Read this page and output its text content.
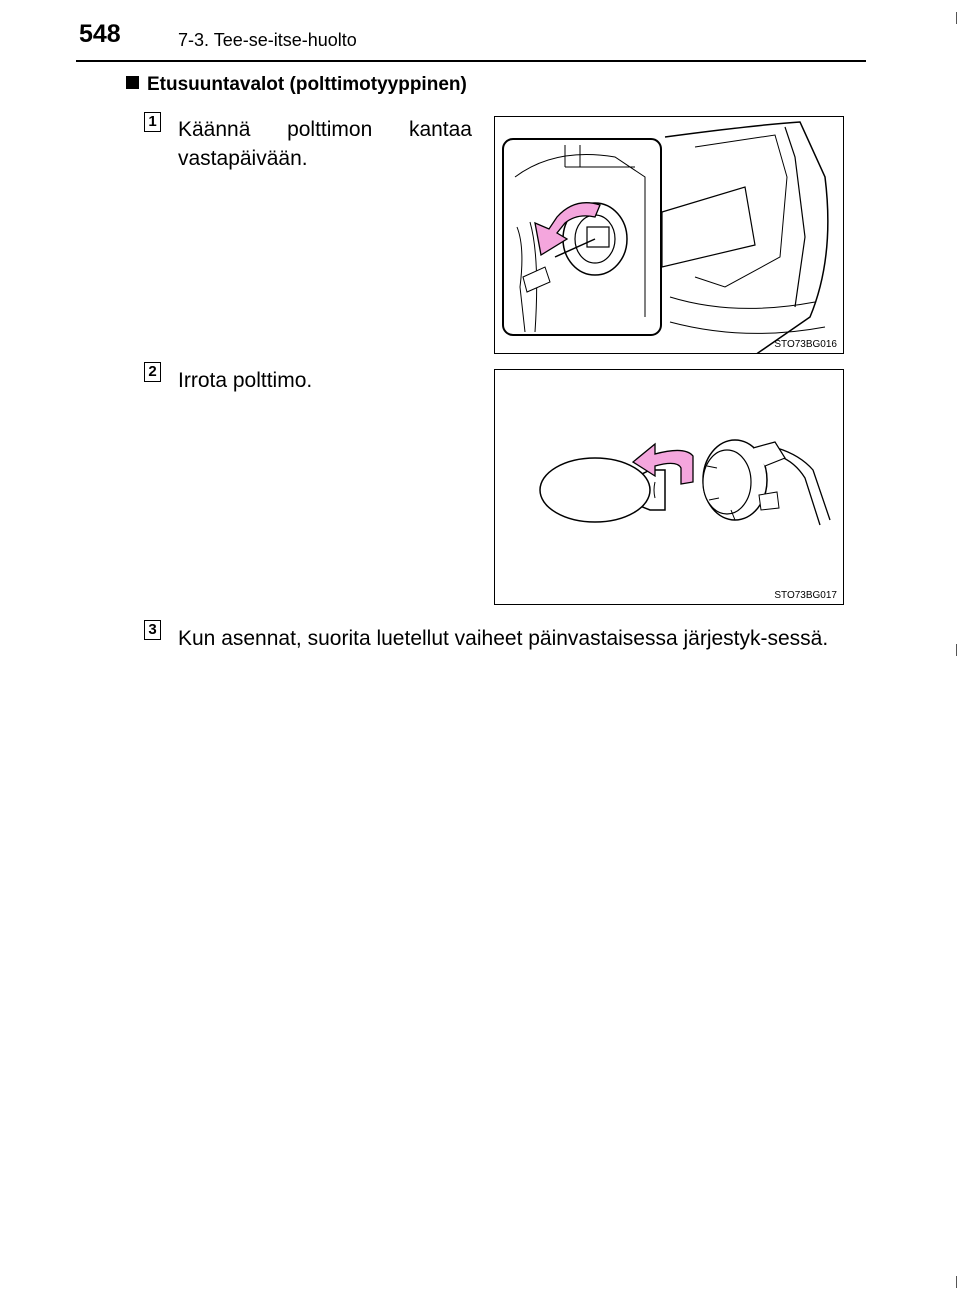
548	7-3. Tee-se-itse-huolto
Etusuuntavalot (polttimotyyppinen)
1 Käännä polttimon kantaa vastapäivään.
STO73BG016
2 Irrota polttimo.
STO73BG017
3 Kun asennat, suorita luetellut vaiheet päinvastaisessa järjestyk-sessä.
